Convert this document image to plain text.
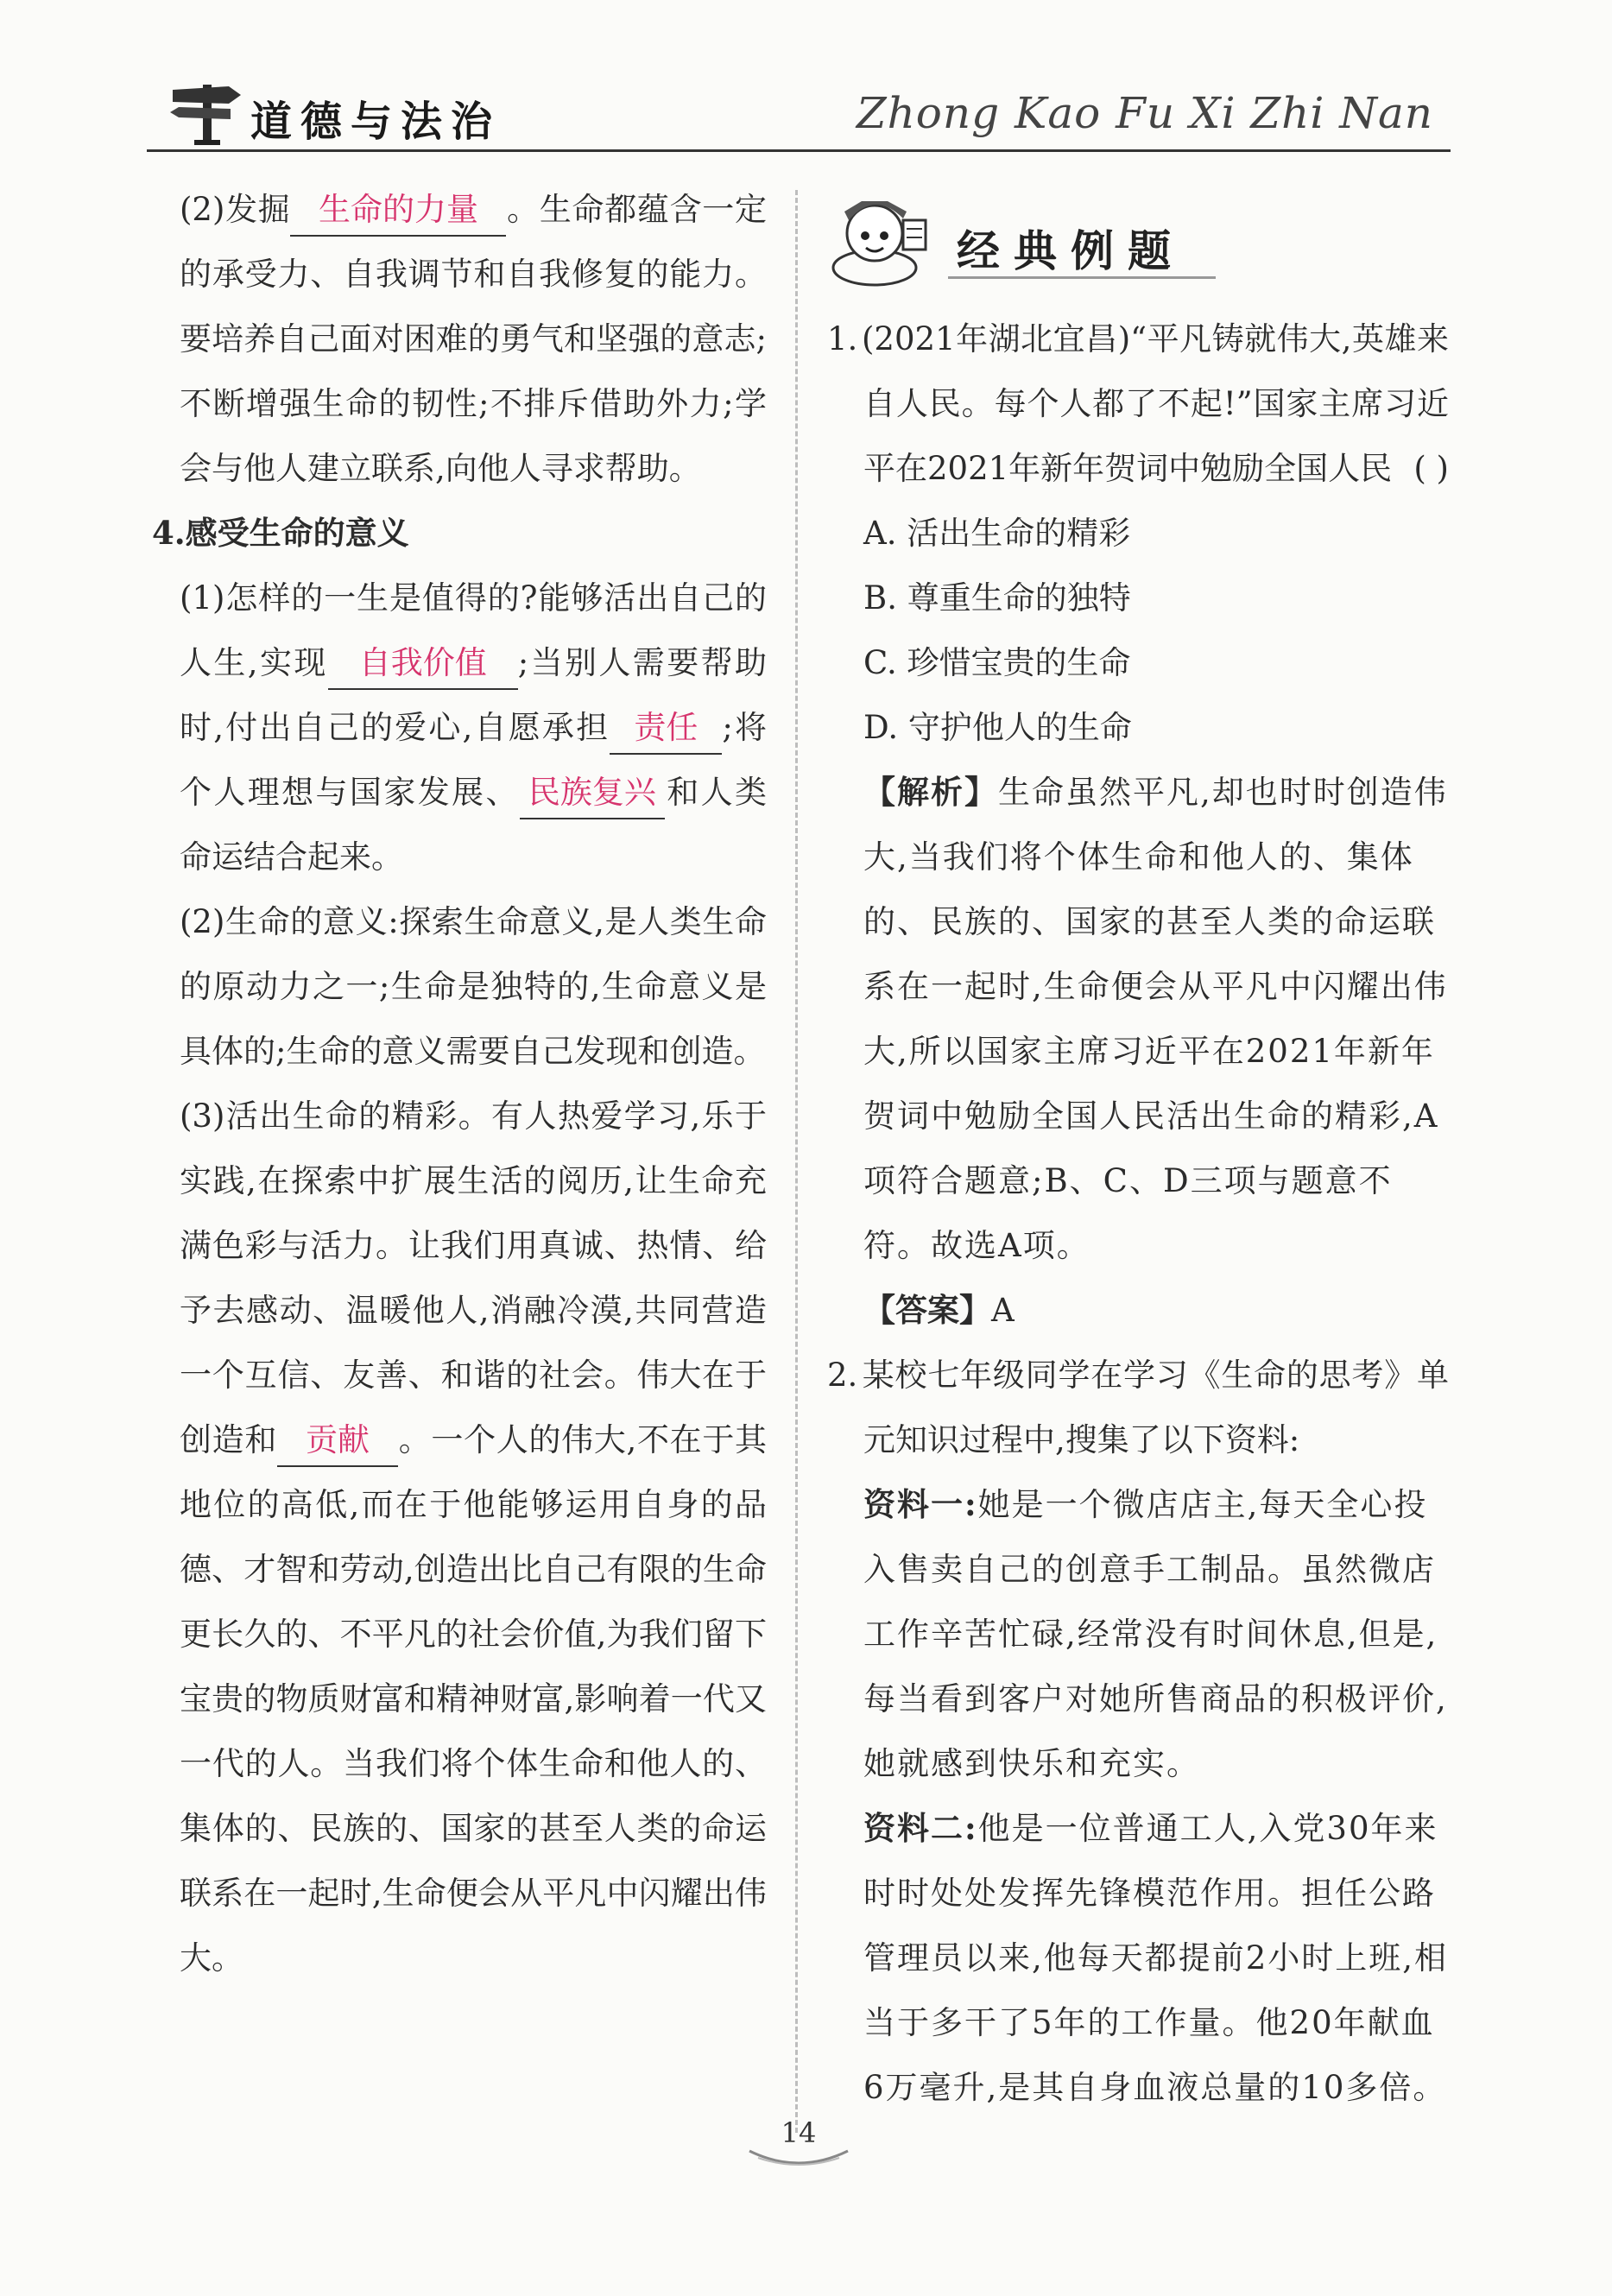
道德与法治	Zhong Kao Fu Xi Zhi Nan

(2)发掘 生命的力量 。生命都蕴含一定的承受力、自我调节和自我修复的能力。要培养自己面对困难的勇气和坚强的意志;不断增强生命的韧性;不排斥借助外力;学会与他人建立联系,向他人寻求帮助。

4.感受生命的意义

(1)怎样的一生是值得的?能够活出自己的人生,实现 自我价值 ;当别人需要帮助时,付出自己的爱心,自愿承担 责任 ;将个人理想与国家发展、 民族复兴 和人类命运结合起来。

(2)生命的意义:探索生命意义,是人类生命的原动力之一;生命是独特的,生命意义是具体的;生命的意义需要自己发现和创造。

(3)活出生命的精彩。有人热爱学习,乐于实践,在探索中扩展生活的阅历,让生命充满色彩与活力。让我们用真诚、热情、给予去感动、温暖他人,消融冷漠,共同营造一个互信、友善、和谐的社会。伟大在于创造和 贡献 。一个人的伟大,不在于其地位的高低,而在于他能够运用自身的品德、才智和劳动,创造出比自己有限的生命更长久的、不平凡的社会价值,为我们留下宝贵的物质财富和精神财富,影响着一代又一代的人。当我们将个体生命和他人的、集体的、民族的、国家的甚至人类的命运联系在一起时,生命便会从平凡中闪耀出伟大。

经典例题

1. (2021年湖北宜昌)“平凡铸就伟大,英雄来自人民。每个人都了不起!”国家主席习近平在2021年新年贺词中勉励全国人民 ( )

A. 活出生命的精彩

B. 尊重生命的独特

C. 珍惜宝贵的生命

D. 守护他人的生命

【解析】生命虽然平凡,却也时时创造伟大,当我们将个体生命和他人的、集体的、民族的、国家的甚至人类的命运联系在一起时,生命便会从平凡中闪耀出伟大,所以国家主席习近平在2021年新年贺词中勉励全国人民活出生命的精彩,A项符合题意;B、C、D三项与题意不符。故选A项。

【答案】A

2. 某校七年级同学在学习《生命的思考》单元知识过程中,搜集了以下资料:

资料一:她是一个微店店主,每天全心投入售卖自己的创意手工制品。虽然微店工作辛苦忙碌,经常没有时间休息,但是,每当看到客户对她所售商品的积极评价,她就感到快乐和充实。

资料二:他是一位普通工人,入党30年来时时处处发挥先锋模范作用。担任公路管理员以来,他每天都提前2小时上班,相当于多干了5年的工作量。他20年献血6万毫升,是其自身血液总量的10多倍。

14
